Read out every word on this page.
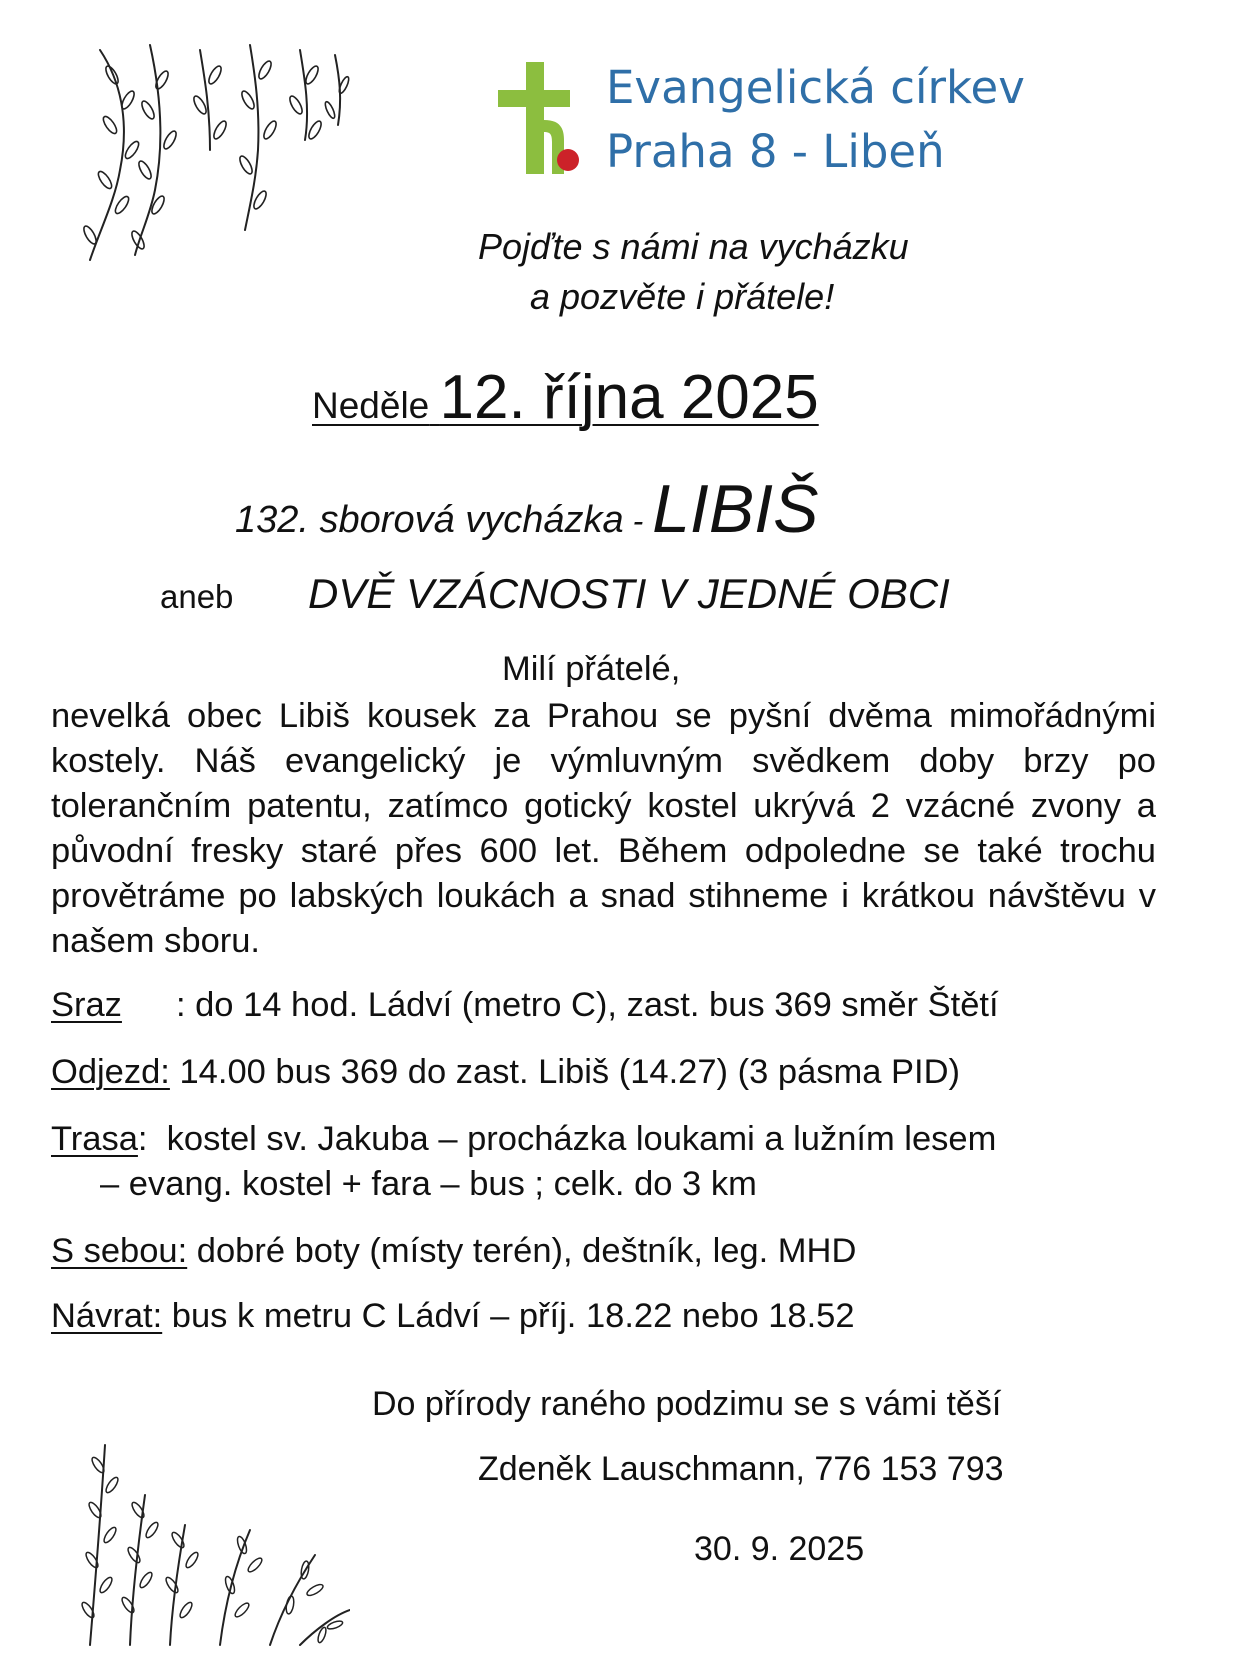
Evangelická církev
Praha 8 - Libeň
Pojďte s námi na vycházku
a pozvěte i přátele!
Neděle 12. října 2025
132. sborová vycházka - LIBIŠ
aneb DVĚ VZÁCNOSTI V JEDNÉ OBCI
Milí přátelé,
nevelká obec Libiš kousek za Prahou se pyšní dvěma mimořádnými kostely. Náš evangelický je výmluvným svědkem doby brzy po tolerančním patentu, zatímco gotický kostel ukrývá 2 vzácné zvony a původní fresky staré přes 600 let. Během odpoledne se také trochu provětráme po labských loukách a snad stihneme i krátkou návštěvu v našem sboru.
Sraz : do 14 hod. Ládví (metro C), zast. bus 369 směr Štětí
Odjezd: 14.00 bus 369 do zast. Libiš (14.27) (3 pásma PID)
Trasa:  kostel sv. Jakuba – procházka loukami a lužním lesem
– evang. kostel + fara – bus ; celk. do 3 km
S sebou: dobré boty (místy terén), deštník, leg. MHD
Návrat: bus k metru C Ládví – příj. 18.22 nebo 18.52
Do přírody raného podzimu se s vámi těší
Zdeněk Lauschmann, 776 153 793
30. 9. 2025
